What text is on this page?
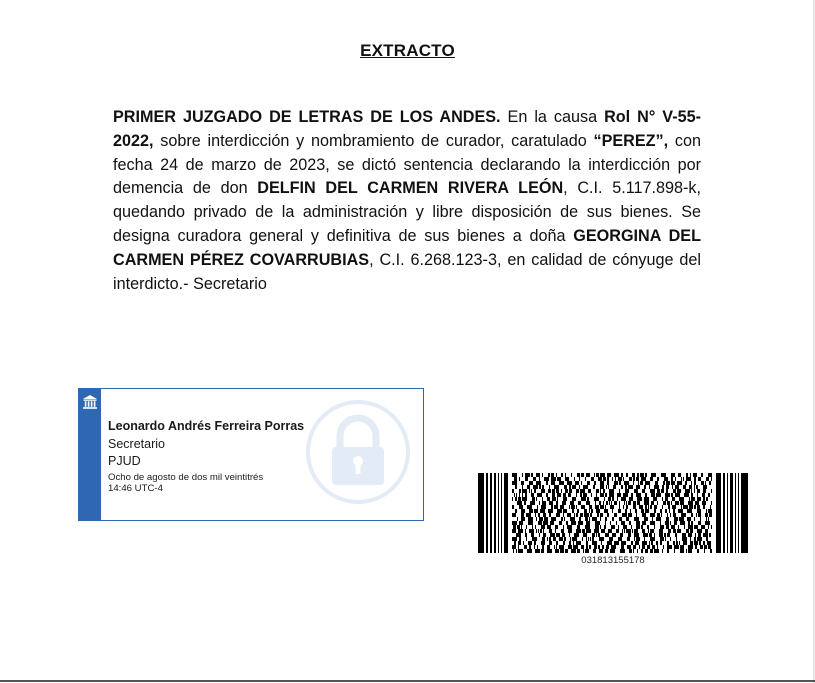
EXTRACTO

PRIMER JUZGADO DE LETRAS DE LOS ANDES. En la causa Rol N° V-55-2022, sobre interdicción y nombramiento de curador, caratulado “PEREZ”, con fecha 24 de marzo de 2023, se dictó sentencia declarando la interdicción por demencia de don DELFIN DEL CARMEN RIVERA LEÓN, C.I. 5.117.898-k, quedando privado de la administración y libre disposición de sus bienes. Se designa curadora general y definitiva de sus bienes a doña GEORGINA DEL CARMEN PÉREZ COVARRUBIAS, C.I. 6.268.123-3, en calidad de cónyuge del interdicto.- Secretario

Leonardo Andrés Ferreira Porras
Secretario
PJUD
Ocho de agosto de dos mil veintitrés
14:46 UTC-4
031813155178
